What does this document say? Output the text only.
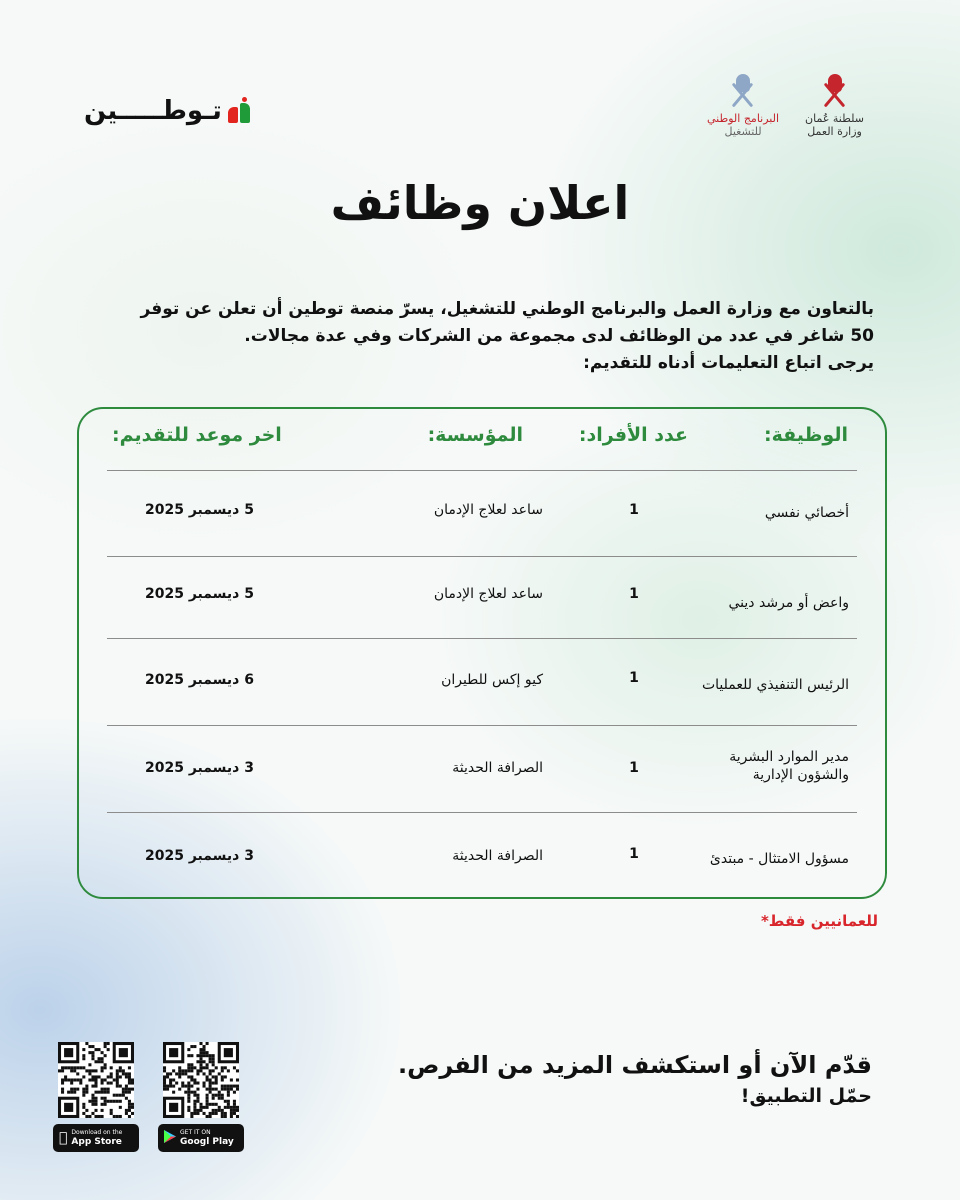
تـوطـــــين	سلطنة عُمان
وزارة العمل
البرنامج الوطني
للتشغيل
اعلان وظائف

بالتعاون مع وزارة العمل والبرنامج الوطني للتشغيل، يسرّ منصة توطين أن تعلن عن توفر

50 شاغر في عدد من الوظائف لدى مجموعة من الشركات وفي عدة مجالات.

يرجى اتباع التعليمات أدناه للتقديم:

الوظيفة:
عدد الأفراد:
المؤسسة:
اخر موعد للتقديم:
أخصائي نفسي
1
ساعد لعلاج الإدمان
5 ديسمبر 2025
واعض أو مرشد ديني
1
ساعد لعلاج الإدمان
5 ديسمبر 2025
الرئيس التنفيذي للعمليات
1
كيو إكس للطيران
6 ديسمبر 2025
مدير الموارد البشرية والشؤون الإدارية
1
الصرافة الحديثة
3 ديسمبر 2025
مسؤول الامتثال - مبتدئ
1
الصرافة الحديثة
3 ديسمبر 2025
للعمانيين فقط*
قدّم الآن أو استكشف المزيد من الفرص.
حمّل التطبيق!
Download on the
App Store
GET IT ON
Googl Play
